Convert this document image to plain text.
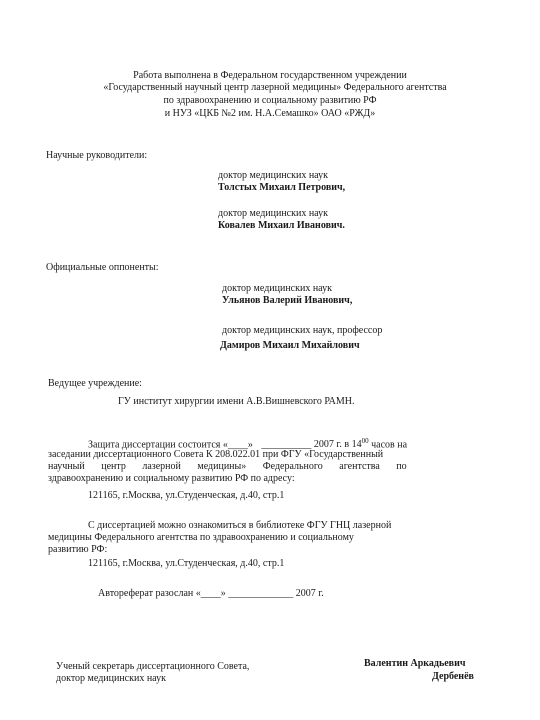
Работа выполнена в Федеральном государственном учреждении
«Государственный научный центр лазерной медицины» Федерального агентства
по здравоохранению и социальному развитию РФ
и НУЗ «ЦКБ №2 им. Н.А.Семашко» ОАО «РЖД»
Научные руководители:
доктор медицинских наук
Толстых Михаил Петрович,
доктор медицинских наук
Ковалев Михаил Иванович.
Официальные оппоненты:
доктор медицинских наук
Ульянов Валерий Иванович,
доктор медицинских наук, профессор
Дамиров Михаил Михайлович
Ведущее учреждение:
ГУ институт хирургии имени А.В.Вишневского РАМН.
Защита диссертации состоится «____» __________ 2007 г. в $14^{00}$ часов на
заседании диссертационного Совета К 208.022.01 при ФГУ «Государственный
научный центр лазерной медицины» Федерального агентства по
здравоохранению и социальному развитию РФ по адресу:
121165, г.Москва, ул.Студенческая, д.40, стр.1
С диссертацией можно ознакомиться в библиотеке ФГУ ГНЦ лазерной
медицины Федерального агентства по здравоохранению и социальному
развитию РФ:
121165, г.Москва, ул.Студенческая, д.40, стр.1
Автореферат разослан «____» _____________ 2007 г.
Ученый секретарь диссертационного Совета,
доктор медицинских наук
Валентин Аркадьевич
Дербенёв
